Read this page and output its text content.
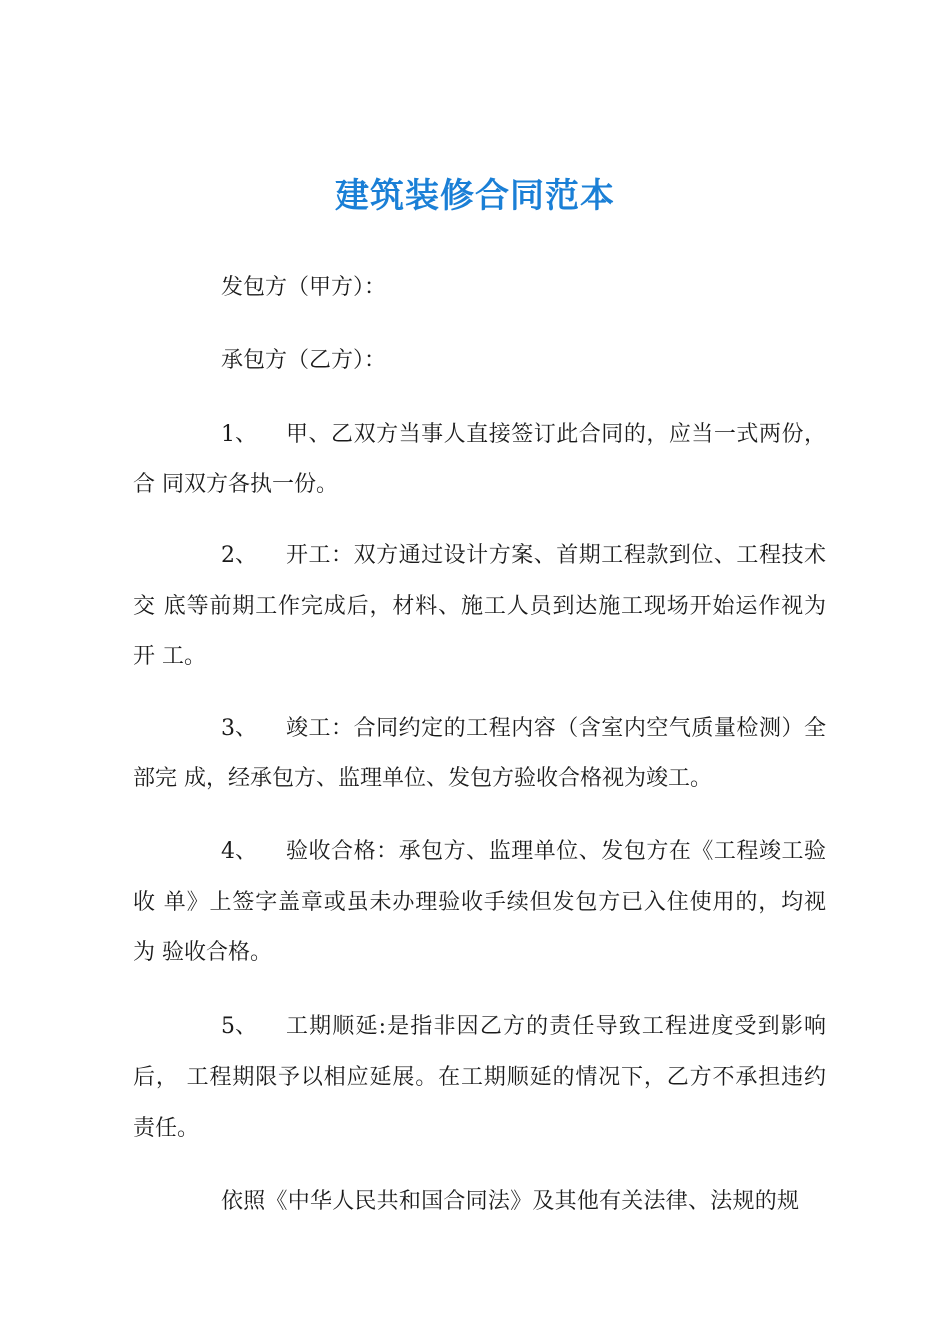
建筑装修合同范本
发包方（甲方）：
承包方（乙方）：
1、 甲、乙双方当事人直接签订此合同的，应当一式两份，
合 同双方各执一份。
2、 开工：双方通过设计方案、首期工程款到位、工程技术
交 底等前期工作完成后，材料、施工人员到达施工现场开始运作视为
开 工。
3、 竣工：合同约定的工程内容（含室内空气质量检测）全
部完 成，经承包方、监理单位、发包方验收合格视为竣工。
4、 验收合格：承包方、监理单位、发包方在《工程竣工验
收 单》上签字盖章或虽未办理验收手续但发包方已入住使用的，均视
为 验收合格。
5、 工期顺延:是指非因乙方的责任导致工程进度受到影响
后， 工程期限予以相应延展。在工期顺延的情况下，乙方不承担违约
责任。
依照《中华人民共和国合同法》及其他有关法律、法规的规
